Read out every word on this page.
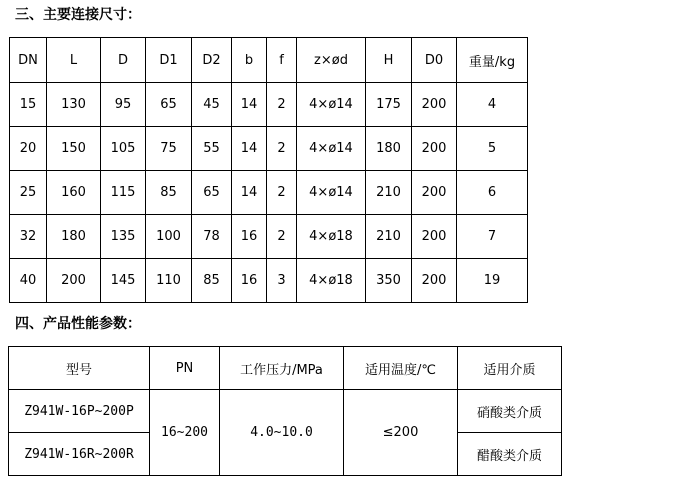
三、主要连接尺寸：
DN	L	D	D1	D2	b	f	z×ød	H	D0	重量/kg
15	130	95	65	45	14	2	4×ø14	175	200	4
20	150	105	75	55	14	2	4×ø14	180	200	5
25	160	115	85	65	14	2	4×ø14	210	200	6
32	180	135	100	78	16	2	4×ø18	210	200	7
40	200	145	110	85	16	3	4×ø18	350	200	19
四、产品性能参数：
型号	PN	工作压力/MPa	适用温度/℃	适用介质
Z941W-16P~200P	16~200	4.0~10.0	≤200	硝酸类介质
Z941W-16R~200R				醋酸类介质
